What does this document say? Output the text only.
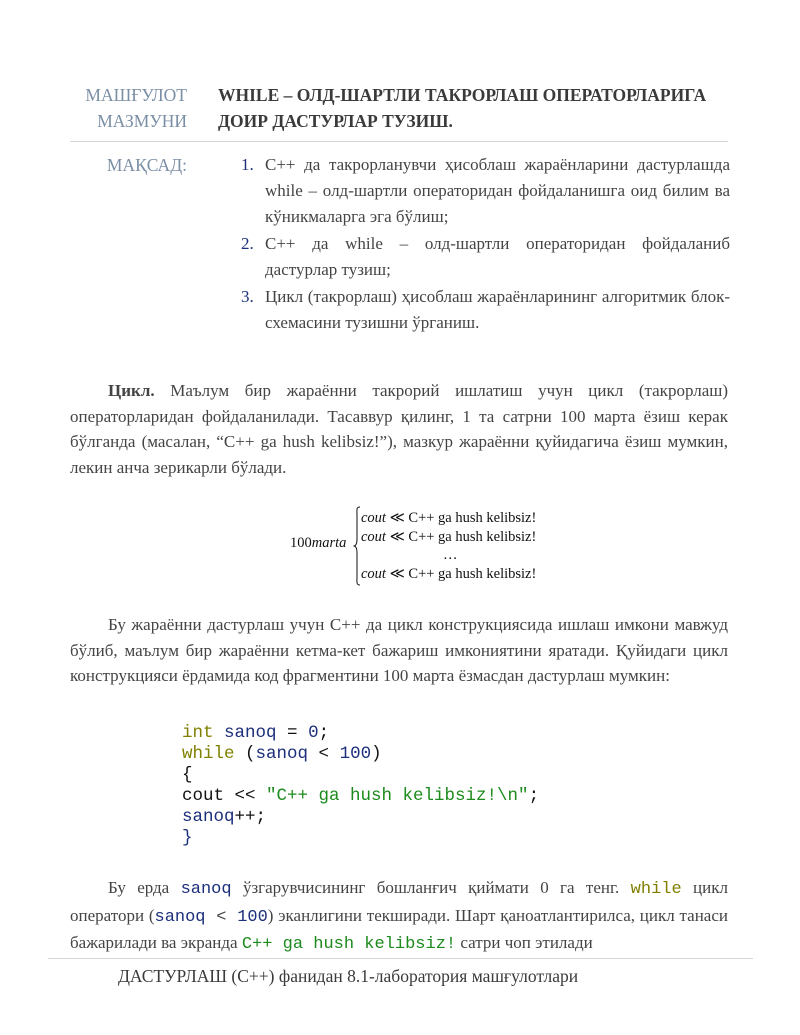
МАШҒУЛОТ
МАЗМУНИ
WHILE – ОЛД-ШАРТЛИ ТАКРОРЛАШ ОПЕРАТОРЛАРИГА
ДОИР ДАСТУРЛАР ТУЗИШ.
МАҚСАД:	1. C++ да такрорланувчи ҳисоблаш жараёнларини дастурлашда while – олд-шартли операторидан фойдаланишга оид билим ва кўникмаларга эга бўлиш;
2. C++ да while – олд-шартли операторидан фойдаланиб дастурлар тузиш;
3. Цикл (такрорлаш) ҳисоблаш жараёнларининг алгоритмик блок-схемасини тузишни ўрганиш.

Цикл. Маълум бир жараённи такрорий ишлатиш учун цикл (такрорлаш) операторларидан фойдаланилади. Тасаввур қилинг, 1 та сатрни 100 марта ёзиш керак бўлганда (масалан, “C++ ga hush kelibsiz!”), мазкур жараённи қуйидагича ёзиш мумкин, лекин анча зерикарли бўлади.

100marta
cout ≪ C++ ga hush kelibsiz!
cout ≪ C++ ga hush kelibsiz!
…
cout ≪ C++ ga hush kelibsiz!

Бу жараённи дастурлаш учун C++ да цикл конструкциясида ишлаш имкони мавжуд бўлиб, маълум бир жараённи кетма-кет бажариш имкониятини яратади. Қуйидаги цикл конструкцияси ёрдамида код фрагментини 100 марта ёзмасдан дастурлаш мумкин:

int sanoq = 0;
while (sanoq < 100)
{
cout << "C++ ga hush kelibsiz!\n";
sanoq++;
}

Бу ерда sanoq ўзгарувчисининг бошланғич қиймати 0 га тенг. while цикл оператори (sanoq < 100) эканлигини текширади. Шарт қаноатлантирилса, цикл танаси бажарилади ва экранда C++ ga hush kelibsiz! сатри чоп этилади

ДАСТУРЛАШ (C++) фанидан 8.1-лаборатория машғулотлари
